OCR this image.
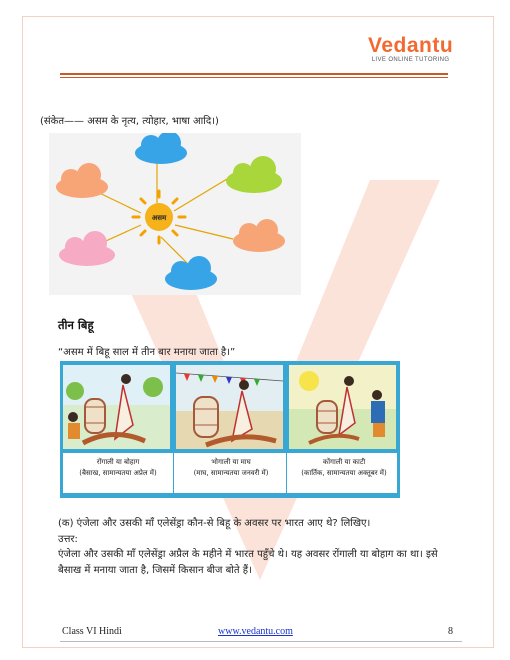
Vedantu
LIVE ONLINE TUTORING
(संकेत—— असम के नृत्य, त्योहार, भाषा आदि।)
असम
तीन बिहू
“असम में बिहू साल में तीन बार मनाया जाता है।”
रोंगाली या बोहाग
(बैसाख, सामान्यतया अप्रेल में)
भोगाली या माघ
(माघ, सामान्यतया जनवरी में)
कोंगाली या काटी
(कार्तिक, सामान्यतया अक्तूबर में)

(क) एंजेला और उसकी माँ एलेसेंड्रा कौन-से बिहू के अवसर पर भारत आए थे? लिखिए।

उत्तर:

एंजेला और उसकी माँ एलेसेंड्रा अप्रैल के महीने में भारत पहुँचे थे। यह अवसर रोंगाली या बोहाग का था। इसे बैसाख में मनाया जाता है, जिसमें किसान बीज बोते हैं।

Class VI Hindi	www.vedantu.com	8
